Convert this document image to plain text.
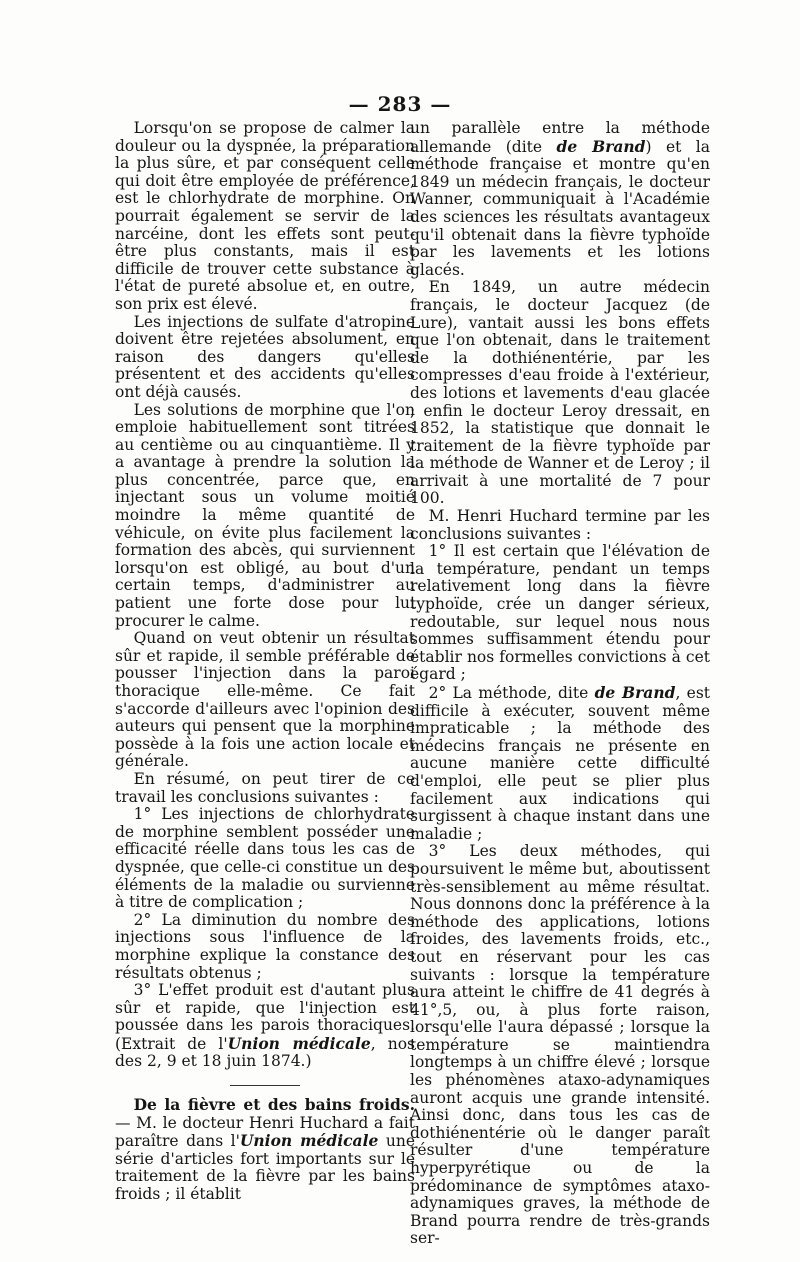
— 283 —

Lorsqu'on se propose de calmer la douleur ou la dyspnée, la préparation la plus sûre, et par conséquent celle qui doit être employée de préférence, est le chlorhydrate de morphine. On pourrait également se servir de la narcéine, dont les effets sont peut-être plus constants, mais il est difficile de trouver cette substance à l'état de pureté absolue et, en outre, son prix est élevé.

Les injections de sulfate d'atropine doivent être rejetées absolument, en raison des dangers qu'elles présentent et des accidents qu'elles ont déjà causés.

Les solutions de morphine que l'on emploie habituellement sont titrées au centième ou au cinquantième. Il y a avantage à prendre la solution la plus concentrée, parce que, en injectant sous un volume moitié moindre la même quantité de véhicule, on évite plus facilement la formation des abcès, qui surviennent lorsqu'on est obligé, au bout d'un certain temps, d'administrer au patient une forte dose pour lui procurer le calme.

Quand on veut obtenir un résultat sûr et rapide, il semble préférable de pousser l'injection dans la paroi thoracique elle-même. Ce fait s'accorde d'ailleurs avec l'opinion des auteurs qui pensent que la morphine possède à la fois une action locale et générale.

En résumé, on peut tirer de ce travail les conclusions suivantes :

1° Les injections de chlorhydrate de morphine semblent posséder une efficacité réelle dans tous les cas de dyspnée, que celle-ci constitue un des éléments de la maladie ou survienne à titre de complication ;

2° La diminution du nombre des injections sous l'influence de la morphine explique la constance des résultats obtenus ;

3° L'effet produit est d'autant plus sûr et rapide, que l'injection est poussée dans les parois thoraciques. (Extrait de l'Union médicale, nos des 2, 9 et 18 juin 1874.)

De la fièvre et des bains froids. — M. le docteur Henri Huchard a fait paraître dans l'Union médicale une série d'articles fort importants sur le traitement de la fièvre par les bains froids ; il établit

un parallèle entre la méthode allemande (dite de Brand) et la méthode française et montre qu'en 1849 un médecin français, le docteur Wanner, communiquait à l'Académie des sciences les résultats avantageux qu'il obtenait dans la fièvre typhoïde par les lavements et les lotions glacés.

En 1849, un autre médecin français, le docteur Jacquez (de Lure), vantait aussi les bons effets que l'on obtenait, dans le traitement de la dothiénentérie, par les compresses d'eau froide à l'extérieur, des lotions et lavements d'eau glacée ; enfin le docteur Leroy dressait, en 1852, la statistique que donnait le traitement de la fièvre typhoïde par la méthode de Wanner et de Leroy ; il arrivait à une mortalité de 7 pour 100.

M. Henri Huchard termine par les conclusions suivantes :

1° Il est certain que l'élévation de la température, pendant un temps relativement long dans la fièvre typhoïde, crée un danger sérieux, redoutable, sur lequel nous nous sommes suffisamment étendu pour établir nos formelles convictions à cet égard ;

2° La méthode, dite de Brand, est difficile à exécuter, souvent même impraticable ; la méthode des médecins français ne présente en aucune manière cette difficulté d'emploi, elle peut se plier plus facilement aux indications qui surgissent à chaque instant dans une maladie ;

3° Les deux méthodes, qui poursuivent le même but, aboutissent très-sensiblement au même résultat. Nous donnons donc la préférence à la méthode des applications, lotions froides, des lavements froids, etc., tout en réservant pour les cas suivants : lorsque la température aura atteint le chiffre de 41 degrés à 41°,5, ou, à plus forte raison, lorsqu'elle l'aura dépassé ; lorsque la température se maintiendra longtemps à un chiffre élevé ; lorsque les phénomènes ataxo-adynamiques auront acquis une grande intensité. Ainsi donc, dans tous les cas de dothiénentérie où le danger paraît résulter d'une température hyperpyrétique ou de la prédominance de symptômes ataxo-adynamiques graves, la méthode de Brand pourra rendre de très-grands ser-
